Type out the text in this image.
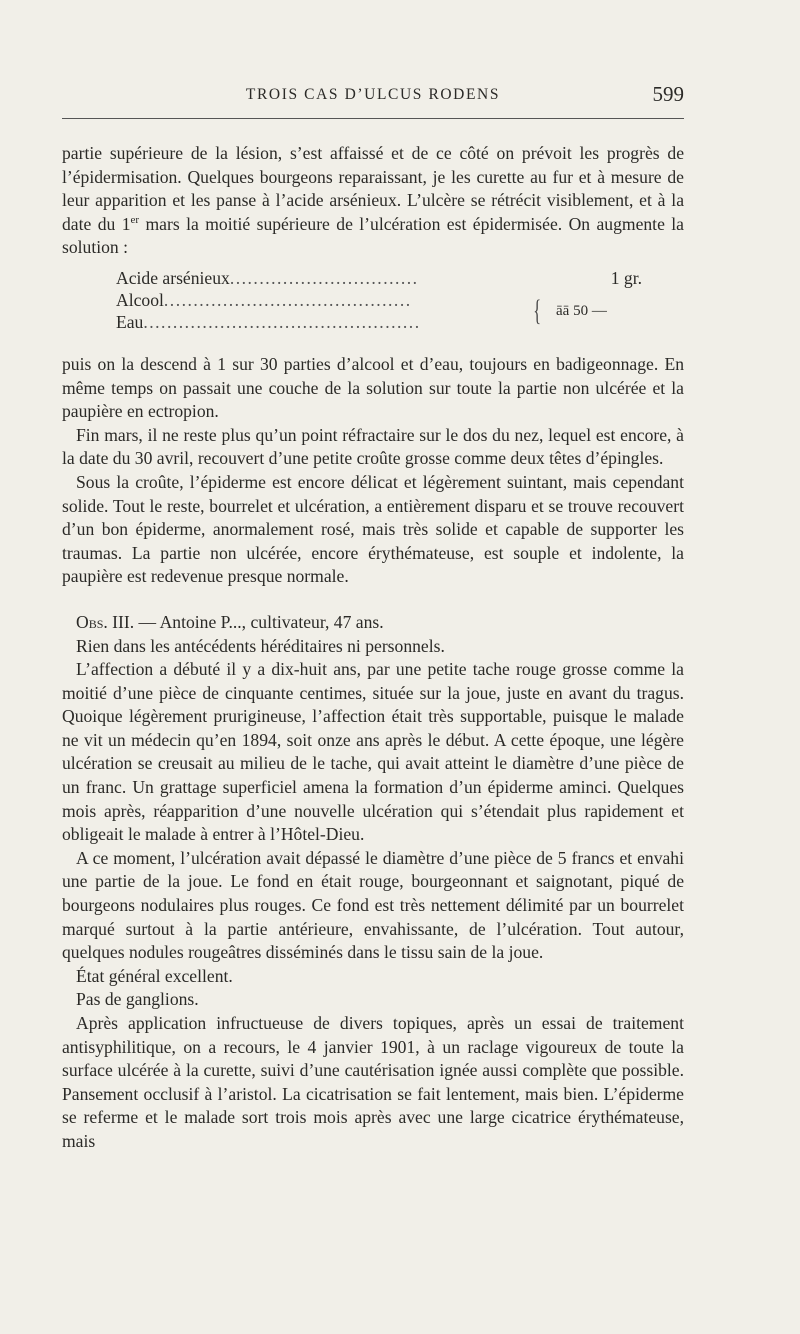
TROIS CAS D’ULCUS RODENS	599

partie supérieure de la lésion, s’est affaissé et de ce côté on prévoit les progrès de l’épidermisation. Quelques bourgeons reparaissant, je les curette au fur et à mesure de leur apparition et les panse à l’acide arsénieux. L’ulcère se rétrécit visiblement, et à la date du 1er mars la moitié supérieure de l’ulcération est épidermisée. On augmente la solution :

Acide arsénieux................................	1 gr.
Alcool..........................................
Eau...............................................	{ āā 50 —

puis on la descend à 1 sur 30 parties d’alcool et d’eau, toujours en badigeonnage. En même temps on passait une couche de la solution sur toute la partie non ulcérée et la paupière en ectropion.

Fin mars, il ne reste plus qu’un point réfractaire sur le dos du nez, lequel est encore, à la date du 30 avril, recouvert d’une petite croûte grosse comme deux têtes d’épingles.

Sous la croûte, l’épiderme est encore délicat et légèrement suintant, mais cependant solide. Tout le reste, bourrelet et ulcération, a entièrement disparu et se trouve recouvert d’un bon épiderme, anormalement rosé, mais très solide et capable de supporter les traumas. La partie non ulcérée, encore érythémateuse, est souple et indolente, la paupière est redevenue presque normale.

Obs. III. — Antoine P..., cultivateur, 47 ans.

Rien dans les antécédents héréditaires ni personnels.

L’affection a débuté il y a dix-huit ans, par une petite tache rouge grosse comme la moitié d’une pièce de cinquante centimes, située sur la joue, juste en avant du tragus. Quoique légèrement prurigineuse, l’affection était très supportable, puisque le malade ne vit un médecin qu’en 1894, soit onze ans après le début. A cette époque, une légère ulcération se creusait au milieu de le tache, qui avait atteint le diamètre d’une pièce de un franc. Un grattage superficiel amena la formation d’un épiderme aminci. Quelques mois après, réapparition d’une nouvelle ulcération qui s’étendait plus rapidement et obligeait le malade à entrer à l’Hôtel-Dieu.

A ce moment, l’ulcération avait dépassé le diamètre d’une pièce de 5 francs et envahi une partie de la joue. Le fond en était rouge, bourgeonnant et saignotant, piqué de bourgeons nodulaires plus rouges. Ce fond est très nettement délimité par un bourrelet marqué surtout à la partie antérieure, envahissante, de l’ulcération. Tout autour, quelques nodules rougeâtres disséminés dans le tissu sain de la joue.

État général excellent.

Pas de ganglions.

Après application infructueuse de divers topiques, après un essai de traitement antisyphilitique, on a recours, le 4 janvier 1901, à un raclage vigoureux de toute la surface ulcérée à la curette, suivi d’une cautérisation ignée aussi complète que possible. Pansement occlusif à l’aristol. La cicatrisation se fait lentement, mais bien. L’épiderme se referme et le malade sort trois mois après avec une large cicatrice érythémateuse, mais
